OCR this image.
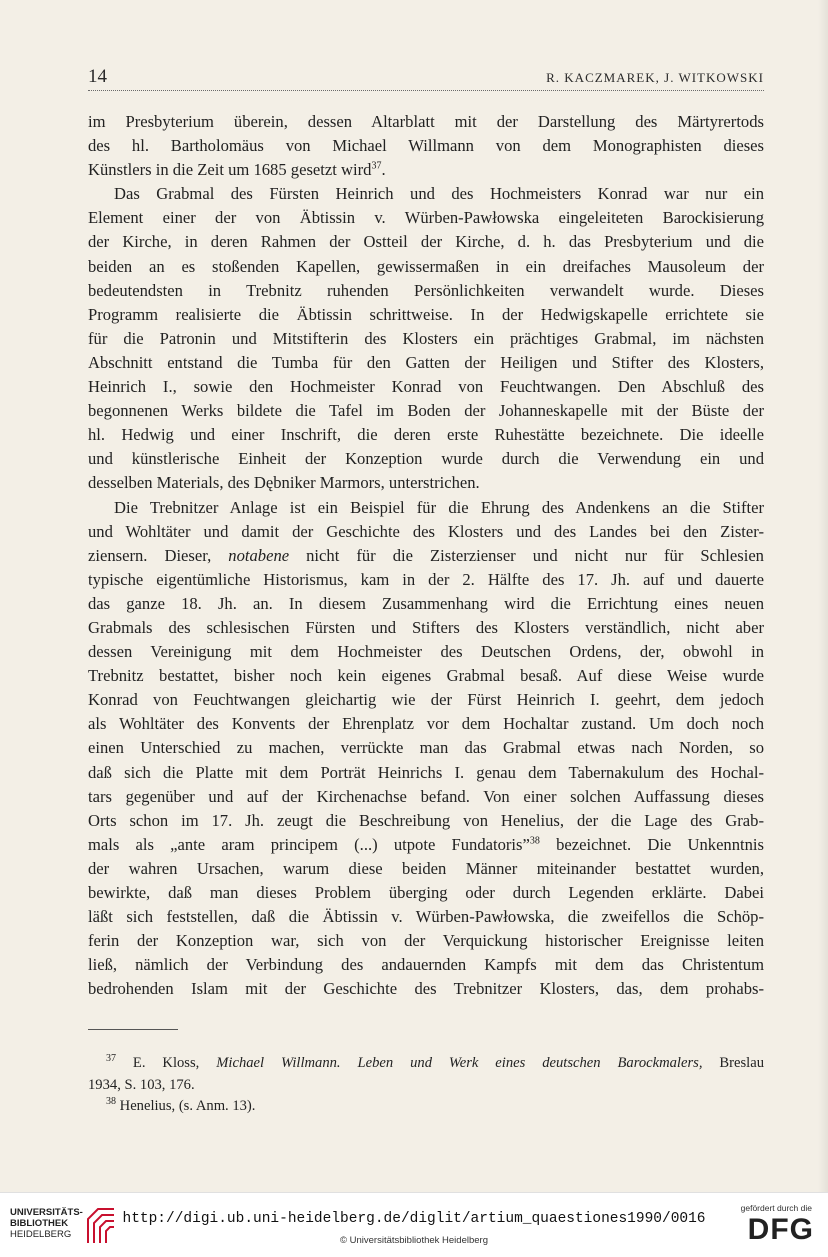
14	R. KACZMAREK, J. WITKOWSKI
im Presbyterium überein, dessen Altarblatt mit der Darstellung des Märtyrertods
des hl. Bartholomäus von Michael Willmann von dem Monographisten dieses
Künstlers in die Zeit um 1685 gesetzt wird$^{37}$.
Das Grabmal des Fürsten Heinrich und des Hochmeisters Konrad war nur ein
Element einer der von Äbtissin v. Würben-Pawłowska eingeleiteten Barockisierung
der Kirche, in deren Rahmen der Ostteil der Kirche, d. h. das Presbyterium und die
beiden an es stoßenden Kapellen, gewissermaßen in ein dreifaches Mausoleum der
bedeutendsten in Trebnitz ruhenden Persönlichkeiten verwandelt wurde. Dieses
Programm realisierte die Äbtissin schrittweise. In der Hedwigskapelle errichtete sie
für die Patronin und Mitstifterin des Klosters ein prächtiges Grabmal, im nächsten
Abschnitt entstand die Tumba für den Gatten der Heiligen und Stifter des Klosters,
Heinrich I., sowie den Hochmeister Konrad von Feuchtwangen. Den Abschluß des
begonnenen Werks bildete die Tafel im Boden der Johanneskapelle mit der Büste der
hl. Hedwig und einer Inschrift, die deren erste Ruhestätte bezeichnete. Die ideelle
und künstlerische Einheit der Konzeption wurde durch die Verwendung ein und
desselben Materials, des Dębniker Marmors, unterstrichen.
Die Trebnitzer Anlage ist ein Beispiel für die Ehrung des Andenkens an die Stifter
und Wohltäter und damit der Geschichte des Klosters und des Landes bei den Zister-
ziensern. Dieser, notabene nicht für die Zisterzienser und nicht nur für Schlesien
typische eigentümliche Historismus, kam in der 2. Hälfte des 17. Jh. auf und dauerte
das ganze 18. Jh. an. In diesem Zusammenhang wird die Errichtung eines neuen
Grabmals des schlesischen Fürsten und Stifters des Klosters verständlich, nicht aber
dessen Vereinigung mit dem Hochmeister des Deutschen Ordens, der, obwohl in
Trebnitz bestattet, bisher noch kein eigenes Grabmal besaß. Auf diese Weise wurde
Konrad von Feuchtwangen gleichartig wie der Fürst Heinrich I. geehrt, dem jedoch
als Wohltäter des Konvents der Ehrenplatz vor dem Hochaltar zustand. Um doch noch
einen Unterschied zu machen, verrückte man das Grabmal etwas nach Norden, so
daß sich die Platte mit dem Porträt Heinrichs I. genau dem Tabernakulum des Hochal-
tars gegenüber und auf der Kirchenachse befand. Von einer solchen Auffassung dieses
Orts schon im 17. Jh. zeugt die Beschreibung von Henelius, der die Lage des Grab-
mals als „ante aram principem (...) utpote Fundatoris”$^{38}$ bezeichnet. Die Unkenntnis
der wahren Ursachen, warum diese beiden Männer miteinander bestattet wurden,
bewirkte, daß man dieses Problem überging oder durch Legenden erklärte. Dabei
läßt sich feststellen, daß die Äbtissin v. Würben-Pawłowska, die zweifellos die Schöp-
ferin der Konzeption war, sich von der Verquickung historischer Ereignisse leiten
ließ, nämlich der Verbindung des andauernden Kampfs mit dem das Christentum
bedrohenden Islam mit der Geschichte des Trebnitzer Klosters, das, dem prohabs-
$^{37}$ E. Kloss, Michael Willmann. Leben und Werk eines deutschen Barockmalers, Breslau
1934, S. 103, 176.
$^{38}$ Henelius, (s. Anm. 13).
UNIVERSITÄTS-
BIBLIOTHEK
HEIDELBERG
http://digi.ub.uni-heidelberg.de/diglit/artium_quaestiones1990/0016
© Universitätsbibliothek Heidelberg
gefördert durch die
DFG
